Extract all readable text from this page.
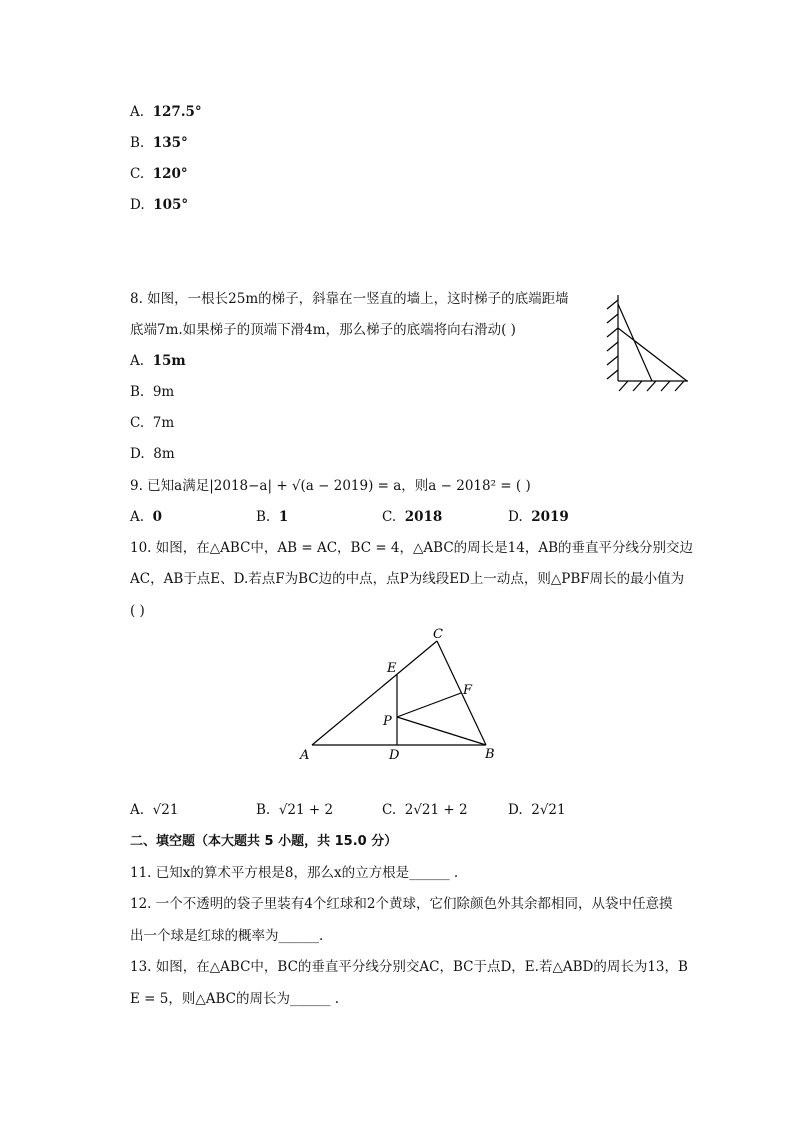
A. 127.5°
B. 135°
C. 120°
D. 105°
8. 如图，一根长25m的梯子，斜靠在一竖直的墙上，这时梯子的底端距墙
底端7m.如果梯子的顶端下滑4m，那么梯子的底端将向右滑动( )
A. 15m
B. 9m
C. 7m
D. 8m
9. 已知a满足|2018−a| + √(a − 2019) = a，则a − 2018² = ( )
A. 0	B. 1	C. 2018	D. 2019
10. 如图，在△ABC中，AB = AC，BC = 4，△ABC的周长是14，AB的垂直平分线分别交边
AC，AB于点E、D.若点F为BC边的中点，点P为线段ED上一动点，则△PBF周长的最小值为
( )
A	B
C
D
E
F
P
A. √21	B. √21 + 2	C. 2√21 + 2	D. 2√21
二、填空题（本大题共 5 小题，共 15.0 分）
11. 已知x的算术平方根是8，那么x的立方根是______ .
12. 一个不透明的袋子里装有4个红球和2个黄球，它们除颜色外其余都相同，从袋中任意摸
出一个球是红球的概率为______.
13. 如图，在△ABC中，BC的垂直平分线分别交AC，BC于点D，E.若△ABD的周长为13，B
E = 5，则△ABC的周长为______ .
